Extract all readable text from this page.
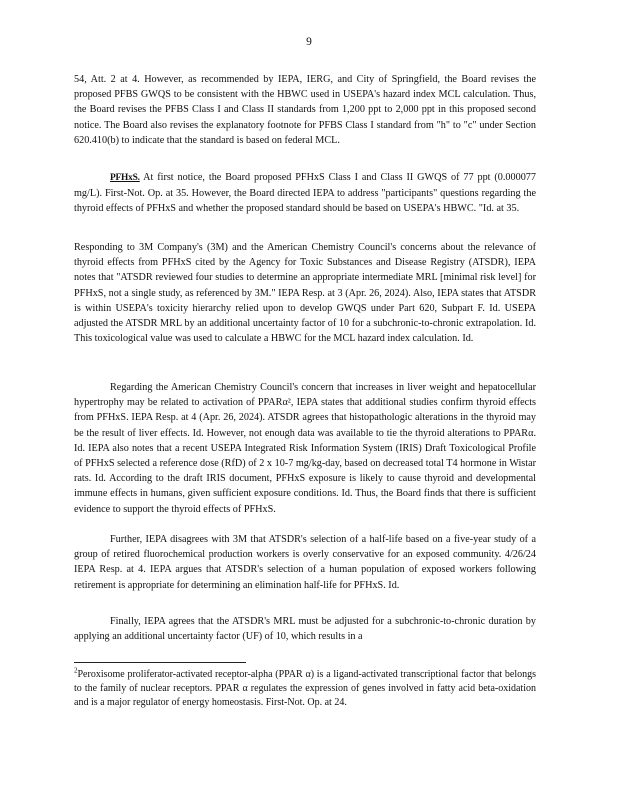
9

54, Att. 2 at 4. However, as recommended by IEPA, IERG, and City of Springfield, the Board revises the proposed PFBS GWQS to be consistent with the HBWC used in USEPA's hazard index MCL calculation. Thus, the Board revises the PFBS Class I and Class II standards from 1,200 ppt to 2,000 ppt in this proposed second notice. The Board also revises the explanatory footnote for PFBS Class I standard from "h" to "c" under Section 620.410(b) to indicate that the standard is based on federal MCL.

PFHxS. At first notice, the Board proposed PFHxS Class I and Class II GWQS of 77 ppt (0.000077 mg/L). First-Not. Op. at 35. However, the Board directed IEPA to address "participants" questions regarding the thyroid effects of PFHxS and whether the proposed standard should be based on USEPA's HBWC. "Id. at 35.

Responding to 3M Company's (3M) and the American Chemistry Council's concerns about the relevance of thyroid effects from PFHxS cited by the Agency for Toxic Substances and Disease Registry (ATSDR), IEPA notes that "ATSDR reviewed four studies to determine an appropriate intermediate MRL [minimal risk level] for PFHxS, not a single study, as referenced by 3M." IEPA Resp. at 3 (Apr. 26, 2024). Also, IEPA states that ATSDR is within USEPA's toxicity hierarchy relied upon to develop GWQS under Part 620, Subpart F. Id. USEPA adjusted the ATSDR MRL by an additional uncertainty factor of 10 for a subchronic-to-chronic extrapolation. Id. This toxicological value was used to calculate a HBWC for the MCL hazard index calculation. Id.

Regarding the American Chemistry Council's concern that increases in liver weight and hepatocellular hypertrophy may be related to activation of PPARα², IEPA states that additional studies confirm thyroid effects from PFHxS. IEPA Resp. at 4 (Apr. 26, 2024). ATSDR agrees that histopathologic alterations in the thyroid may be the result of liver effects. Id. However, not enough data was available to tie the thyroid alterations to PPARα. Id. IEPA also notes that a recent USEPA Integrated Risk Information System (IRIS) Draft Toxicological Profile of PFHxS selected a reference dose (RfD) of 2 x 10-7 mg/kg-day, based on decreased total T4 hormone in Wistar rats. Id. According to the draft IRIS document, PFHxS exposure is likely to cause thyroid and developmental immune effects in humans, given sufficient exposure conditions. Id. Thus, the Board finds that there is sufficient evidence to support the thyroid effects of PFHxS.

Further, IEPA disagrees with 3M that ATSDR's selection of a half-life based on a five-year study of a group of retired fluorochemical production workers is overly conservative for an exposed community. 4/26/24 IEPA Resp. at 4. IEPA argues that ATSDR's selection of a human population of exposed workers following retirement is appropriate for determining an elimination half-life for PFHxS. Id.

Finally, IEPA agrees that the ATSDR's MRL must be adjusted for a subchronic-to-chronic duration by applying an additional uncertainty factor (UF) of 10, which results in a

$^2$Peroxisome proliferator-activated receptor-alpha (PPAR α) is a ligand-activated transcriptional factor that belongs to the family of nuclear receptors. PPAR α regulates the expression of genes involved in fatty acid beta-oxidation and is a major regulator of energy homeostasis. First-Not. Op. at 24.
